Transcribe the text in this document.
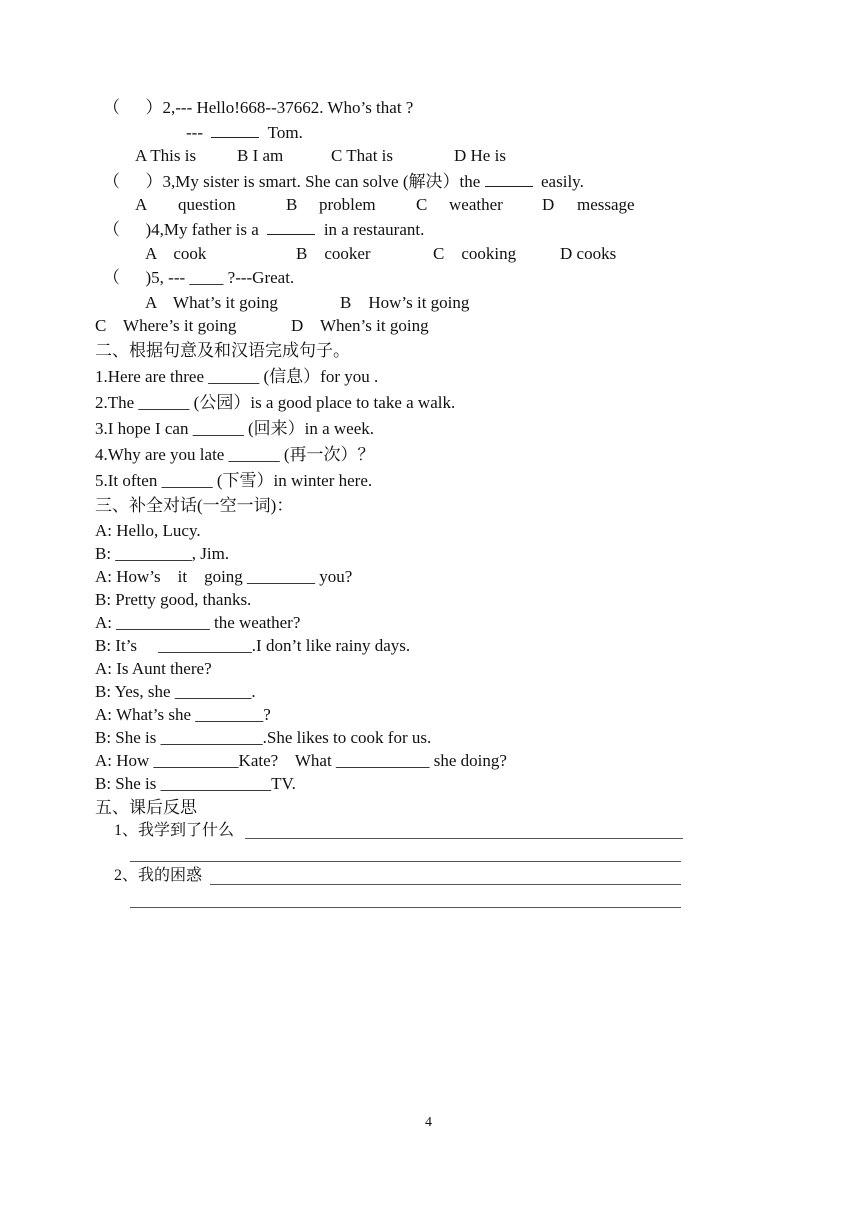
（      ）2,--- Hello!668--37662. Who’s that ?
---	Tom.
A This is B I am	C That is	D He is
（      ）3,My sister is smart. She can solve (解决）the	easily.
A question	B problem C weather D message
（      )4,My father is a	in a restaurant.
A    cook	B    cooker	C    cooking	D cooks
（      )5, --- ____ ?---Great.
A    What’s it going	B    How’s it going
C    Where’s it going	D    When’s it going
二、根据句意及和汉语完成句子。
1.Here are three ______ (信息）for you .
2.The ______ (公园）is a good place to take a walk.
3.I hope I can ______ (回来）in a week.
4.Why are you late ______ (再一次）？
5.It often ______ (下雪）in winter here.
三、补全对话(一空一词)：
A: Hello, Lucy.
B: _________, Jim.
A: How’s    it    going ________ you?
B: Pretty good, thanks.
A: ___________ the weather?
B: It’s     ___________.I don’t like rainy days.
A: Is Aunt there?
B: Yes, she _________.
A: What’s she ________?
B: She is ____________.She likes to cook for us.
A: How __________Kate?    What ___________ she doing?
B: She is _____________TV.
五、课后反思
1、我学到了什么
2、我的困惑
4
